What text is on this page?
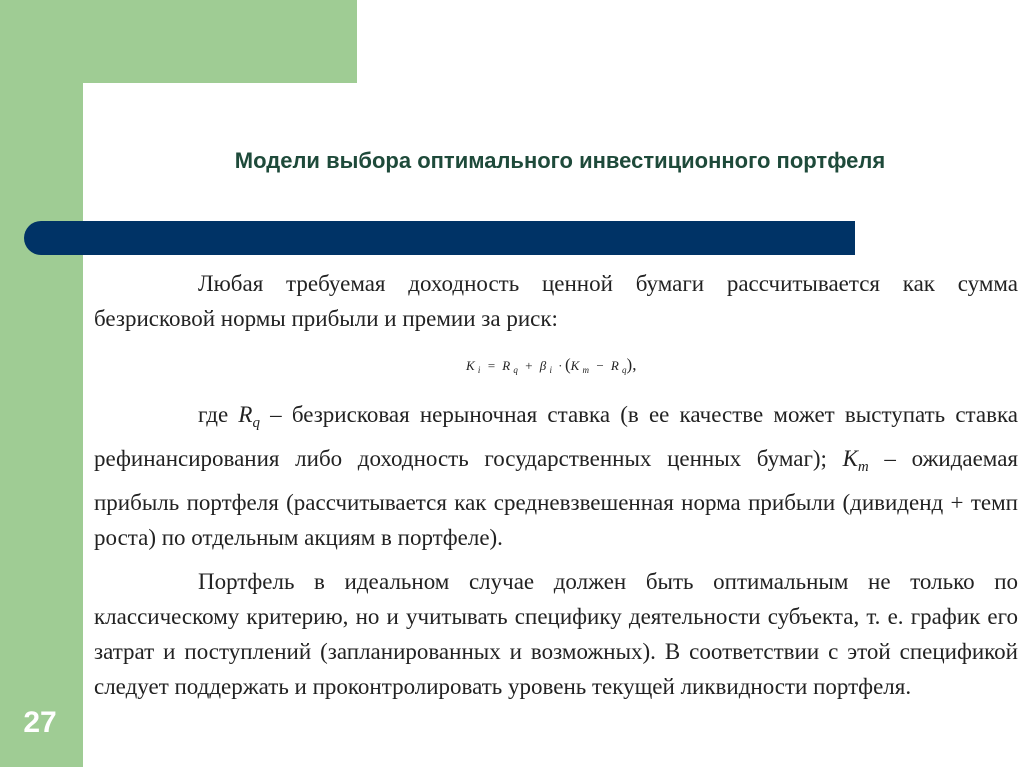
Модели выбора оптимального инвестиционного портфеля

Любая требуемая доходность ценной бумаги рассчитывается как сумма безрисковой нормы прибыли и премии за риск:

K $_i$ = R $_q$ + β $_i$ · (K $_m$ − R $_q$),

где $R_q$ – безрисковая нерыночная ставка (в ее качестве может выступать ставка рефинансирования либо доходность государственных ценных бумаг); $K_m$ – ожидаемая прибыль портфеля (рассчитывается как средневзвешенная норма прибыли (дивиденд + темп роста) по отдельным акциям в портфеле).

Портфель в идеальном случае должен быть оптимальным не только по классическому критерию, но и учитывать специфику деятельности субъекта, т. е. график его затрат и поступлений (запланированных и возможных). В соответствии с этой спецификой следует поддержать и проконтролировать уровень текущей ликвидности портфеля.

27
